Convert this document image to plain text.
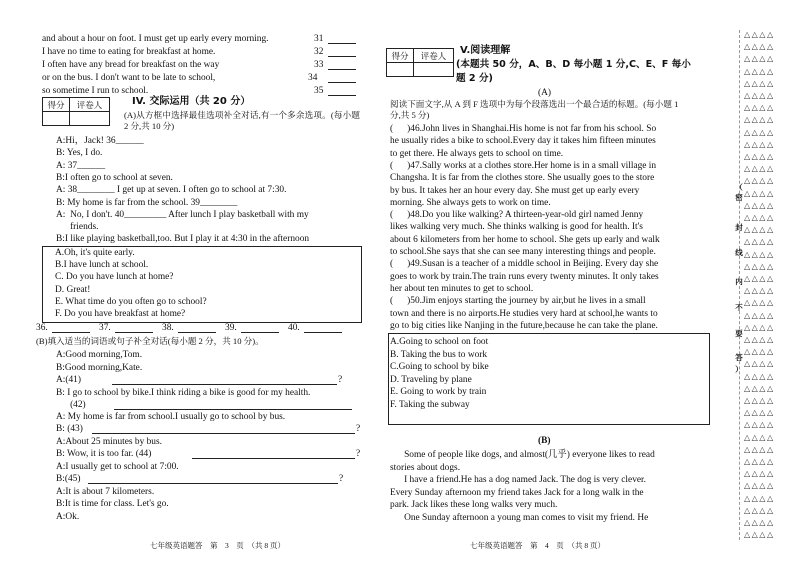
and about a hour on foot. I must get up early every morning.	31
I have no time to eating for breakfast at home.	32
I often have any bread for breakfast on the way	33
or on the bus. I don't want to be late to school,	34
so sometime I run to school.	35
得分	评卷人
		IV. 交际运用（共 20 分）
(A)从方框中选择最佳选项补全对话,有一个多余选项。(每小题 2 分,共 10 分)
A:Hi，Jack! 36______
B: Yes, I do.
A: 37______
B:I often go to school at seven.
A: 38________ I get up at seven. I often go to school at 7:30.
B: My home is far from the school. 39________
A:  No, I don't. 40_________ After lunch I play basketball with my
friends.
B:I like playing basketball,too. But I play it at 4:30 in the afternoon
A.Oh, it's quite early.
B.I have lunch at school.
C. Do you have lunch at home?
D. Great!
E. What time do you often go to school?
F. Do you have breakfast at home?
36.	37.	38.	39.	40.
(B)填入适当的词语或句子补全对话(每小题 2 分，共 10 分)。
A:Good morning,Tom.
B:Good morning,Kate.
A:(41)
B: I go to school by bike.I think riding a bike is good for my health.
(42)
A: My home is far from school.I usually go to school by bus.
B: (43)
A:About 25 minutes by bus.
B: Wow, it is too far. (44)
A:I usually get to school at 7:00.
B:(45)
A:It is about 7 kilometers.
B:It is time for class. Let's go.
A:Ok.
?
?
?
?
得分	评卷人
	V.阅读理解
(本题共 50 分，A、B、D 每小题 1 分,C、E、F 每小
题 2 分)
(A)
阅读下面文字,从 A 到 F 选项中为每个段落选出一个最合适的标题。(每小题 1
分,共 5 分)
(      )46.John lives in Shanghai.His home is not far from his school. So
he usually rides a bike to school.Every day it takes him fifteen minutes
to get there. He always gets to school on time.
(      )47.Sally works at a clothes store.Her home is in a small village in
Changsha. It is far from the clothes store. She usually goes to the store
by bus. It takes her an hour every day. She must get up early every
morning. She always gets to work on time.
(      )48.Do you like walking? A thirteen-year-old girl named Jenny
likes walking very much. She thinks walking is good for health. It's
about 6 kilometers from her home to school. She gets up early and walk
to school.She says that she can see many interesting things and people.
(      )49.Susan is a teacher of a middle school in Beijing. Every day she
goes to work by train.The train runs every twenty minutes. It only takes
her about ten minutes to get to school.
(      )50.Jim enjoys starting the journey by air,but he lives in a small
town and there is no airports.He studies very hard at school,he wants to
go to big cities like Nanjing in the future,because he can take the plane.
A.Going to school on foot
B. Taking the bus to work
C.Going to school by bike
D. Traveling by plane
E. Going to work by train
F. Taking the subway
(B)
Some of people like dogs, and almost(几乎) everyone likes to read
stories about dogs.
I have a friend.He has a dog named Jack. The dog is very clever.
Every Sunday afternoon my friend takes Jack for a long walk in the
park. Jack likes these long walks very much.
One Sunday afternoon a young man comes to visit my friend. He
△△△△
△△△△
△△△△
△△△△
△△△△
△△△△
△△△△
△△△△
△△△△
△△△△
△△△△
△△△△
△△△△
△△△△
△△△△
△△△△
△△△△
△△△△
△△△△
△△△△
△△△△
△△△△
△△△△
△△△△
△△△△
△△△△
△△△△
△△△△
△△△△
△△△△
△△△△
△△△△
△△△△
△△△△
△△△△
△△△△
△△△△
△△△△
△△△△
△△△△
△△△△
△△△△
（
密
封
线
内
不
要
答
）
七年级英语题答　第　3　页　（共 8 页）	七年级英语题答　第　4　页　（共 8 页）
